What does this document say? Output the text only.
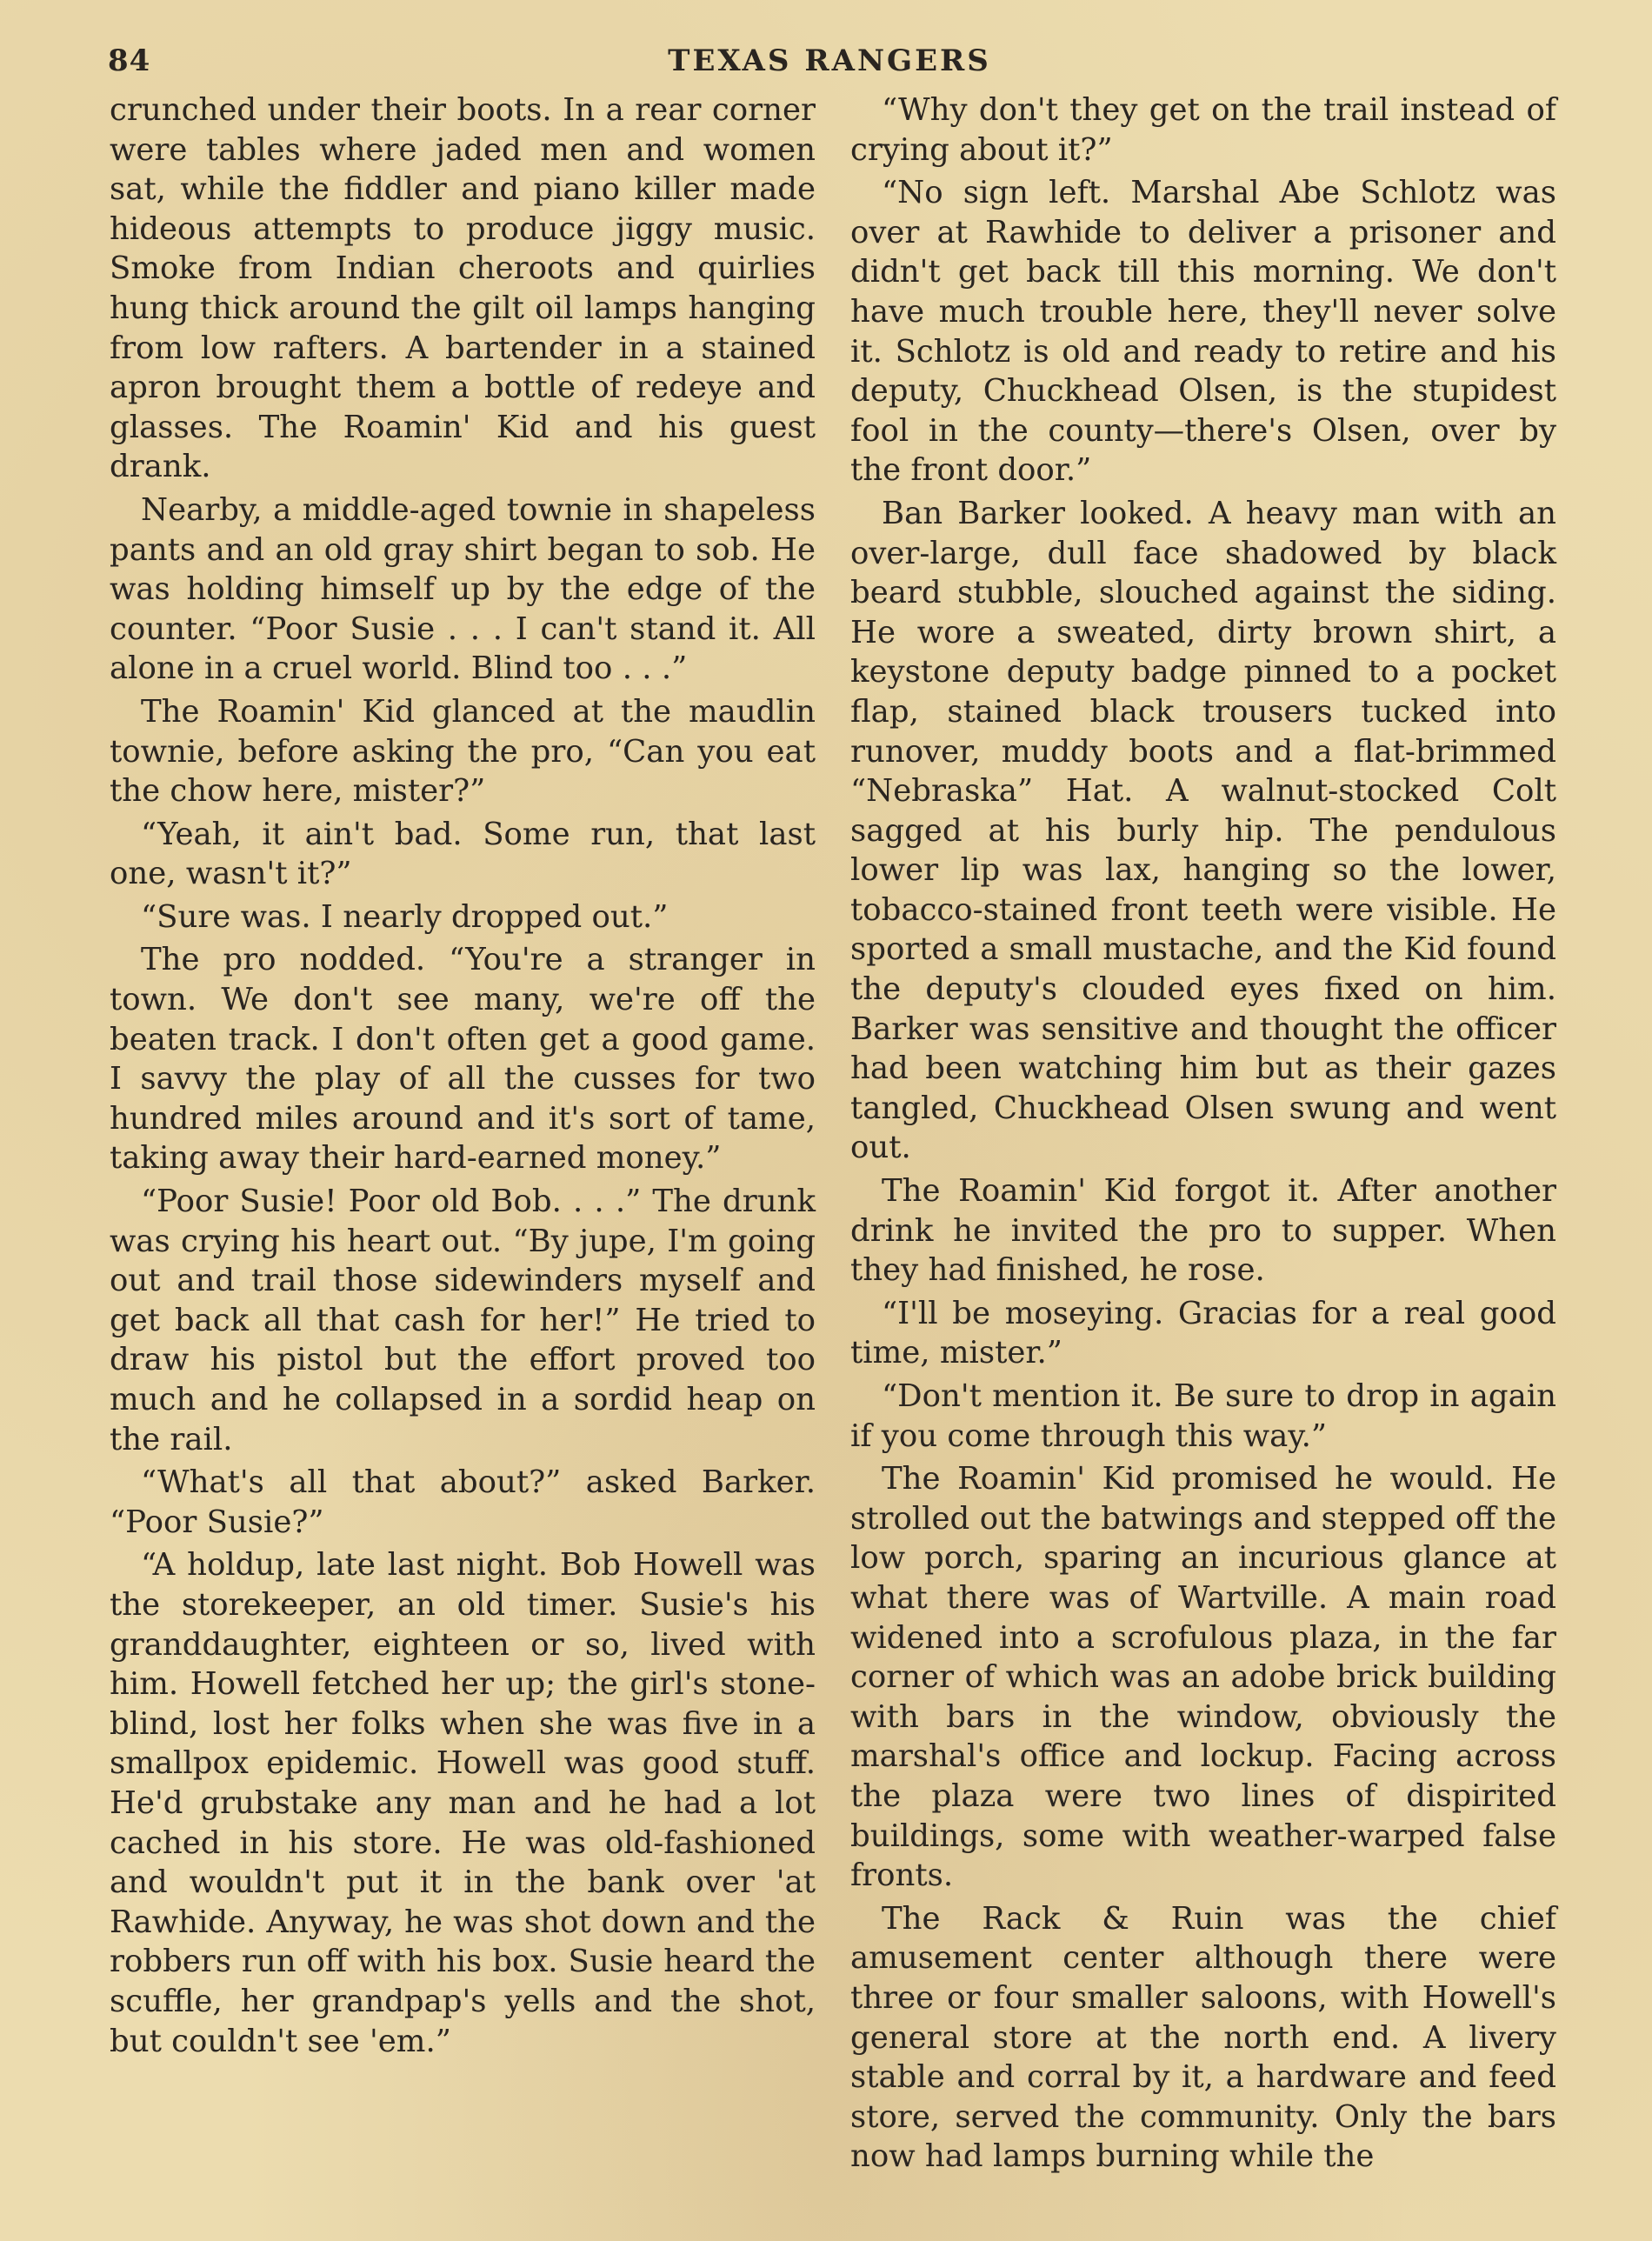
84	TEXAS RANGERS

crunched under their boots. In a rear corner were tables where jaded men and women sat, while the fiddler and piano killer made hideous attempts to produce jiggy music. Smoke from Indian cheroots and quirlies hung thick around the gilt oil lamps hanging from low rafters. A bartender in a stained apron brought them a bottle of redeye and glasses. The Roamin' Kid and his guest drank.

Nearby, a middle-aged townie in shapeless pants and an old gray shirt began to sob. He was holding himself up by the edge of the counter. “Poor Susie . . . I can't stand it. All alone in a cruel world. Blind too . . .”

The Roamin' Kid glanced at the maudlin townie, before asking the pro, “Can you eat the chow here, mister?”

“Yeah, it ain't bad. Some run, that last one, wasn't it?”

“Sure was. I nearly dropped out.”

The pro nodded. “You're a stranger in town. We don't see many, we're off the beaten track. I don't often get a good game. I savvy the play of all the cusses for two hundred miles around and it's sort of tame, taking away their hard-earned money.”

“Poor Susie! Poor old Bob. . . .” The drunk was crying his heart out. “By jupe, I'm going out and trail those sidewinders myself and get back all that cash for her!” He tried to draw his pistol but the effort proved too much and he collapsed in a sordid heap on the rail.

“What's all that about?” asked Barker. “Poor Susie?”

“A holdup, late last night. Bob Howell was the storekeeper, an old timer. Susie's his granddaughter, eighteen or so, lived with him. Howell fetched her up; the girl's stone-blind, lost her folks when she was five in a smallpox epidemic. Howell was good stuff. He'd grubstake any man and he had a lot cached in his store. He was old-fashioned and wouldn't put it in the bank over 'at Rawhide. Anyway, he was shot down and the robbers run off with his box. Susie heard the scuffle, her grandpap's yells and the shot, but couldn't see 'em.”

“Why don't they get on the trail instead of crying about it?”

“No sign left. Marshal Abe Schlotz was over at Rawhide to deliver a prisoner and didn't get back till this morning. We don't have much trouble here, they'll never solve it. Schlotz is old and ready to retire and his deputy, Chuckhead Olsen, is the stupidest fool in the county—there's Olsen, over by the front door.”

Ban Barker looked. A heavy man with an over-large, dull face shadowed by black beard stubble, slouched against the siding. He wore a sweated, dirty brown shirt, a keystone deputy badge pinned to a pocket flap, stained black trousers tucked into runover, muddy boots and a flat-brimmed “Nebraska” Hat. A walnut-stocked Colt sagged at his burly hip. The pendulous lower lip was lax, hanging so the lower, tobacco-stained front teeth were visible. He sported a small mustache, and the Kid found the deputy's clouded eyes fixed on him. Barker was sensitive and thought the officer had been watching him but as their gazes tangled, Chuckhead Olsen swung and went out.

The Roamin' Kid forgot it. After another drink he invited the pro to supper. When they had finished, he rose.

“I'll be moseying. Gracias for a real good time, mister.”

“Don't mention it. Be sure to drop in again if you come through this way.”

The Roamin' Kid promised he would. He strolled out the batwings and stepped off the low porch, sparing an incurious glance at what there was of Wartville. A main road widened into a scrofulous plaza, in the far corner of which was an adobe brick building with bars in the window, obviously the marshal's office and lockup. Facing across the plaza were two lines of dispirited buildings, some with weather-warped false fronts.

The Rack & Ruin was the chief amusement center although there were three or four smaller saloons, with Howell's general store at the north end. A livery stable and corral by it, a hardware and feed store, served the community. Only the bars now had lamps burning while the
